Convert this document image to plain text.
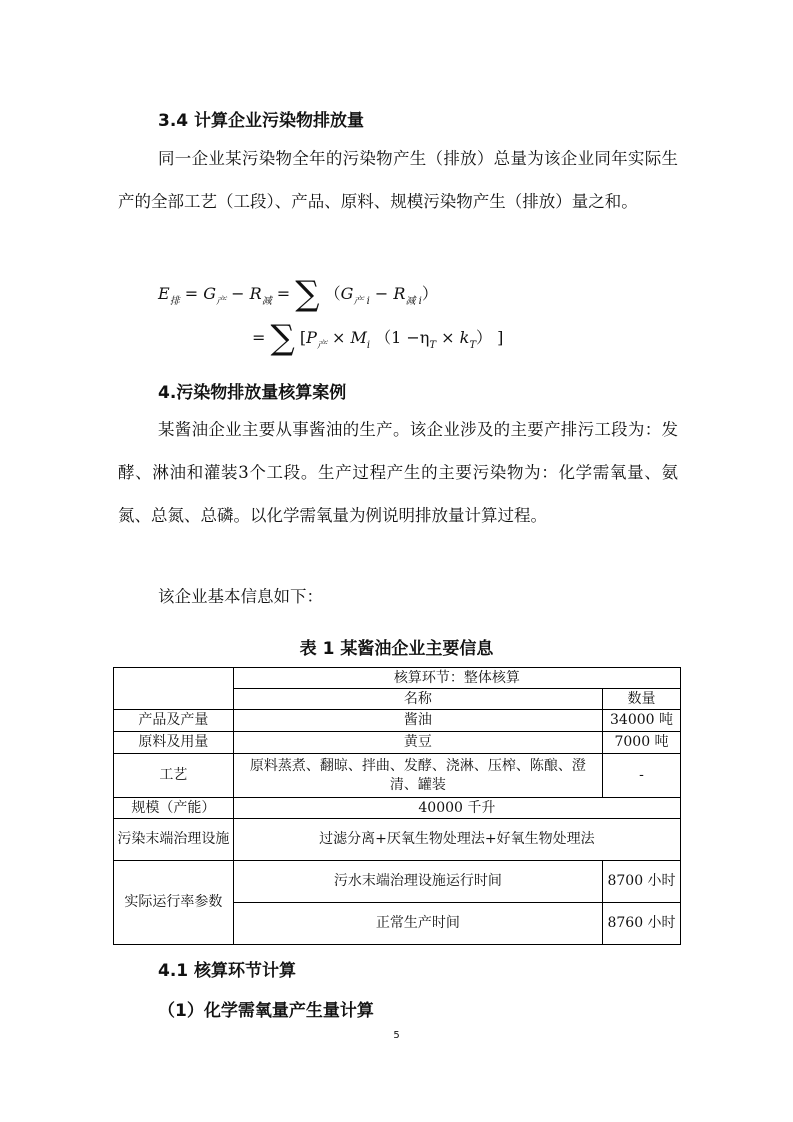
3.4 计算企业污染物排放量

同一企业某污染物全年的污染物产生（排放）总量为该企业同年实际生产的全部工艺（工段）、产品、原料、规模污染物产生（排放）量之和。

$E_排 = G_产 - R_减$ = ∑ $(G_{产 i} - R_{减 i})$
= ∑ [$P_产 \times M_i$ $(1 -\eta_T \times k_T)$ ]
4.污染物排放量核算案例

某酱油企业主要从事酱油的生产。该企业涉及的主要产排污工段为：发酵、淋油和灌装3个工段。生产过程产生的主要污染物为：化学需氧量、氨氮、总氮、总磷。以化学需氧量为例说明排放量计算过程。

该企业基本信息如下：

表 1 某酱油企业主要信息
	核算环节：整体核算	
	名称	数量
产品及产量	酱油	34000 吨
原料及用量	黄豆	7000 吨
工艺	原料蒸煮、翻晾、拌曲、发酵、浇淋、压榨、陈酿、澄清、罐装	-
规模（产能）	40000 千升	
污染末端治理设施	过滤分离+厌氧生物处理法+好氧生物处理法	
实际运行率参数	污水末端治理设施运行时间	8700 小时
	正常生产时间	8760 小时
4.1 核算环节计算
（1）化学需氧量产生量计算
5
